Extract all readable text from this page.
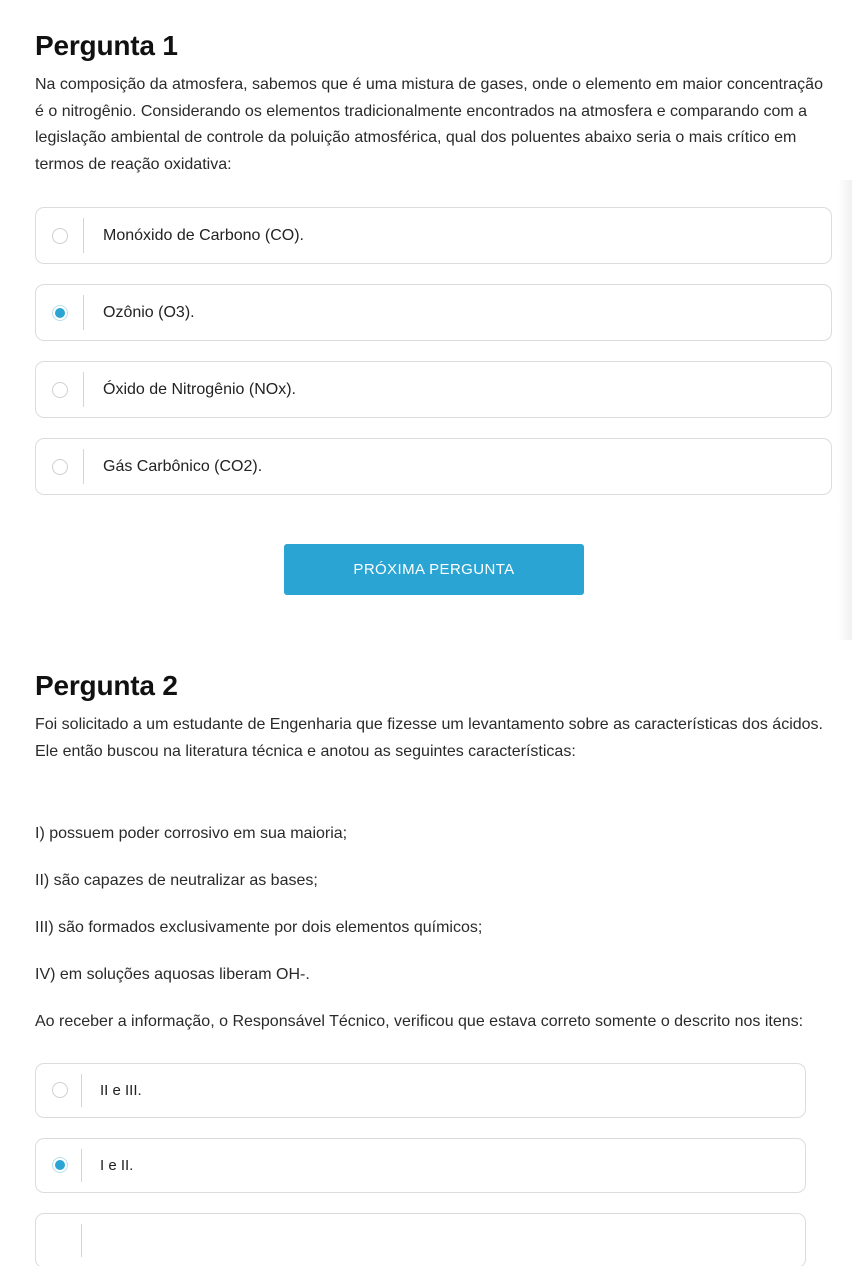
Pergunta 1

Na composição da atmosfera, sabemos que é uma mistura de gases, onde o elemento em maior concentração é o nitrogênio. Considerando os elementos tradicionalmente encontrados na atmosfera e comparando com a legislação ambiental de controle da poluição atmosférica, qual dos poluentes abaixo seria o mais crítico em termos de reação oxidativa:

Monóxido de Carbono (CO).
Ozônio (O3).
Óxido de Nitrogênio (NOx).
Gás Carbônico (CO2).
PRÓXIMA PERGUNTA
Pergunta 2

Foi solicitado a um estudante de Engenharia que fizesse um levantamento sobre as características dos ácidos. Ele então buscou na literatura técnica e anotou as seguintes características:

I) possuem poder corrosivo em sua maioria;

II) são capazes de neutralizar as bases;

III) são formados exclusivamente por dois elementos químicos;

IV) em soluções aquosas liberam OH-.

Ao receber a informação, o Responsável Técnico, verificou que estava correto somente o descrito nos itens:

II e III.
I e II.
